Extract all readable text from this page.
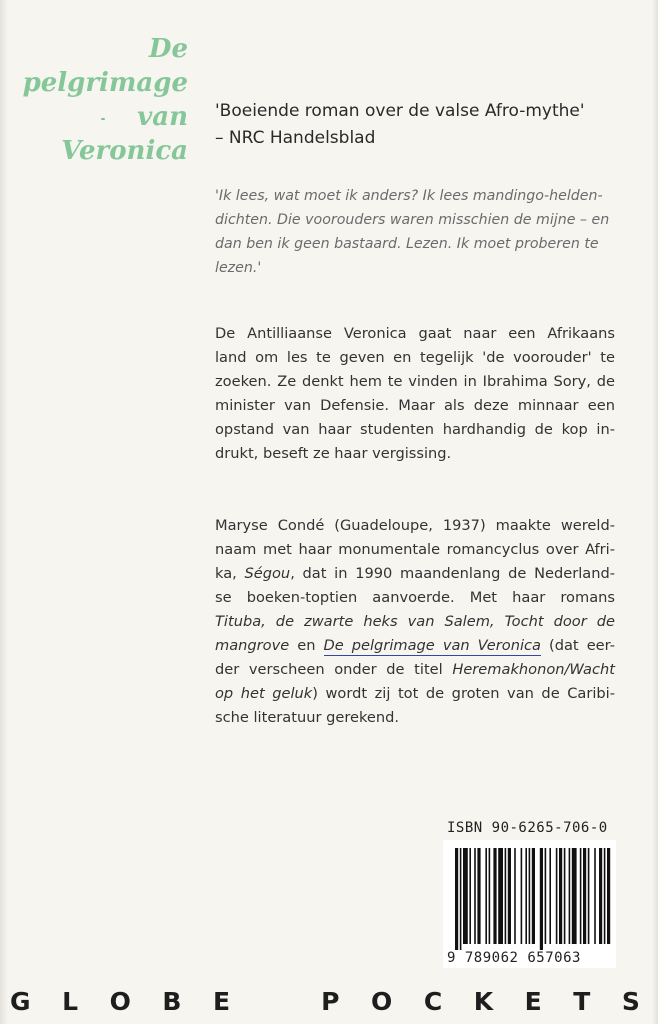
De
pelgrimage
van
Veronica
'Boeiende roman over de valse Afro-mythe'
– NRC Handelsblad
'Ik lees, wat moet ik anders? Ik lees mandingo-helden-
dichten. Die voorouders waren misschien de mijne – en
dan ben ik geen bastaard. Lezen. Ik moet proberen te
lezen.'
De Antilliaanse Veronica gaat naar een Afrikaans
land om les te geven en tegelijk 'de voorouder' te
zoeken. Ze denkt hem te vinden in Ibrahima Sory, de
minister van Defensie. Maar als deze minnaar een
opstand van haar studenten hardhandig de kop in-
drukt, beseft ze haar vergissing.
Maryse Condé (Guadeloupe, 1937) maakte wereld-
naam met haar monumentale romancyclus over Afri-
ka, Ségou, dat in 1990 maandenlang de Nederland-
se boeken-toptien aanvoerde. Met haar romans
Tituba, de zwarte heks van Salem, Tocht door de
mangrove en De pelgrimage van Veronica (dat eer-
der verscheen onder de titel Heremakhonon/Wacht
op het geluk) wordt zij tot de groten van de Caribi-
sche literatuur gerekend.
ISBN 90-6265-706-0
9 789062 657063
G L O B E	P O C K E T S
